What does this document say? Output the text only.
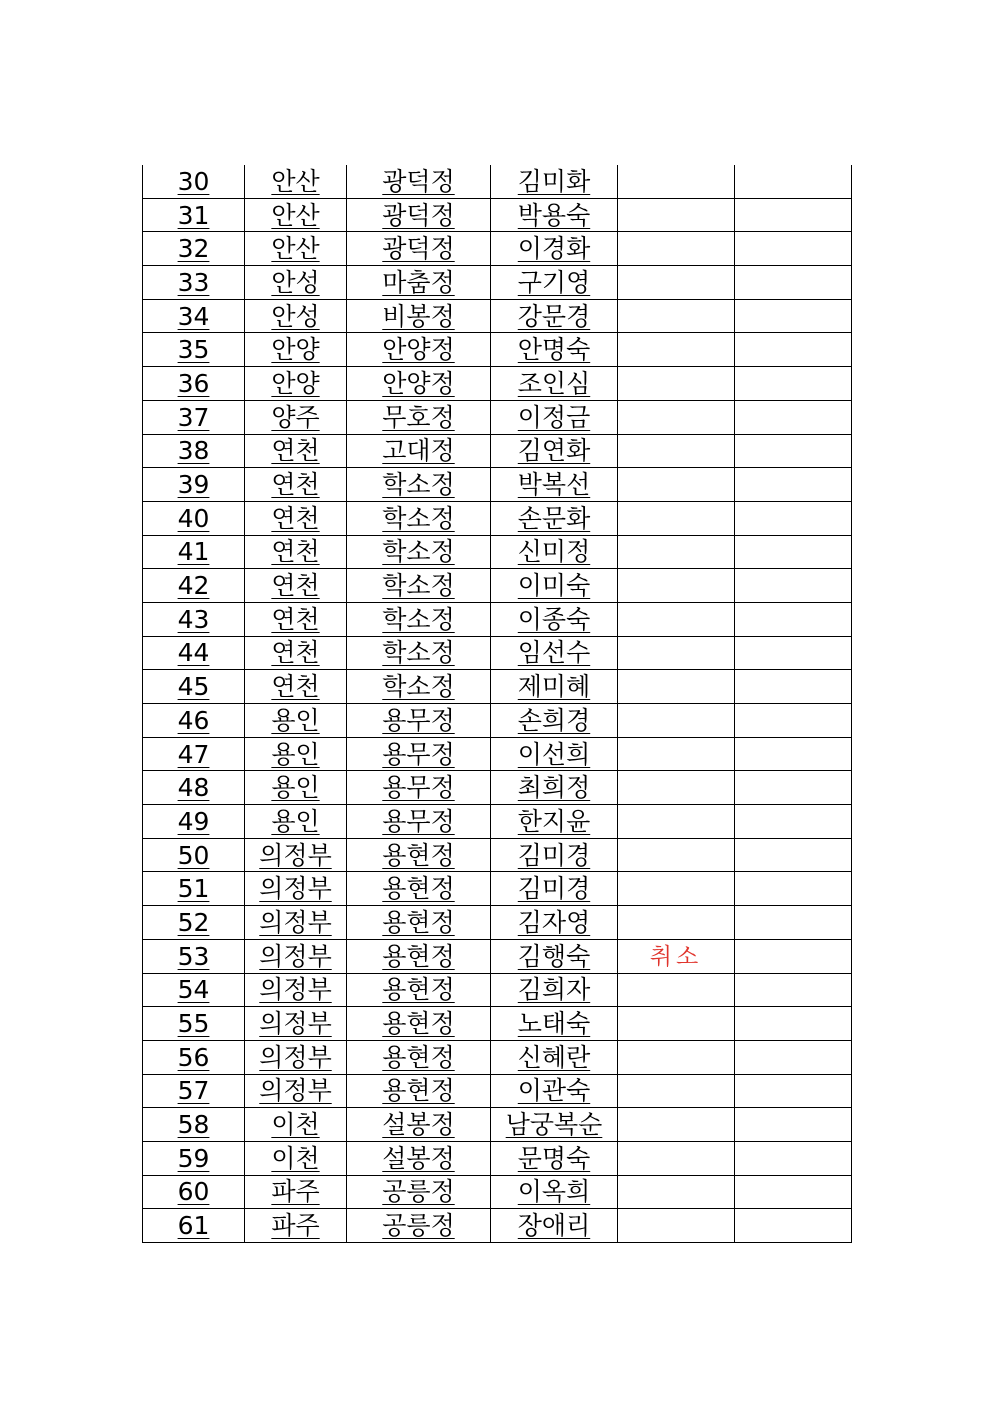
30	안산	광덕정	김미화		
31	안산	광덕정	박용숙		
32	안산	광덕정	이경화		
33	안성	마춤정	구기영		
34	안성	비봉정	강문경		
35	안양	안양정	안명숙		
36	안양	안양정	조인심		
37	양주	무호정	이정금		
38	연천	고대정	김연화		
39	연천	학소정	박복선		
40	연천	학소정	손문화		
41	연천	학소정	신미정		
42	연천	학소정	이미숙		
43	연천	학소정	이종숙		
44	연천	학소정	임선수		
45	연천	학소정	제미혜		
46	용인	용무정	손희경		
47	용인	용무정	이선희		
48	용인	용무정	최희정		
49	용인	용무정	한지윤		
50	의정부	용현정	김미경		
51	의정부	용현정	김미경		
52	의정부	용현정	김자영		
53	의정부	용현정	김행숙	취소	
54	의정부	용현정	김희자		
55	의정부	용현정	노태숙		
56	의정부	용현정	신혜란		
57	의정부	용현정	이관숙		
58	이천	설봉정	남궁복순		
59	이천	설봉정	문명숙		
60	파주	공릉정	이옥희		
61	파주	공릉정	장애리		
